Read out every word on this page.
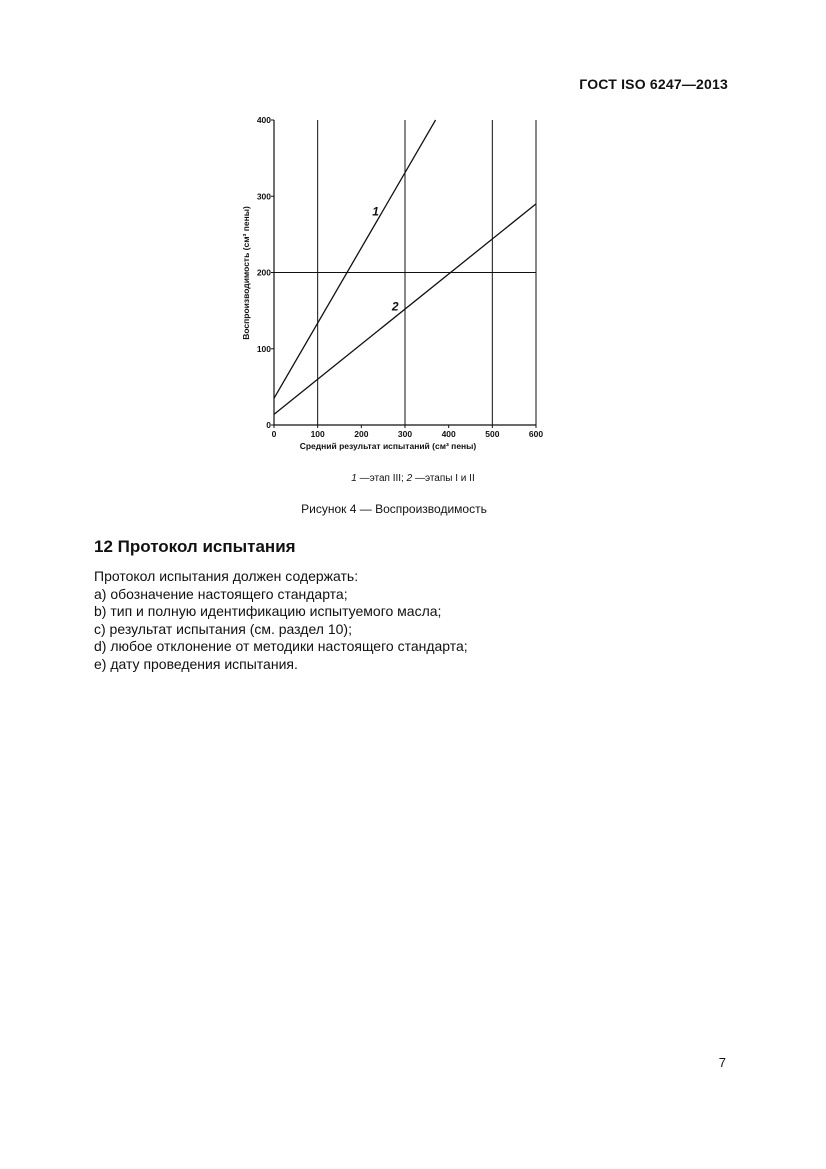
ГОСТ ISO 6247—2013
1
2
0	100	200	300	400	500	600
0
100
200
300
400
Средний результат испытаний (см³ пены)
Воспроизводимость (см³ пены)
1 —этап III; 2 —этапы I и II
Рисунок 4 — Воспроизводимость
12 Протокол испытания
Протокол испытания должен содержать:
a) обозначение настоящего стандарта;
b) тип и полную идентификацию испытуемого масла;
c) результат испытания (см. раздел 10);
d) любое отклонение от методики настоящего стандарта;
e) дату проведения испытания.
7
